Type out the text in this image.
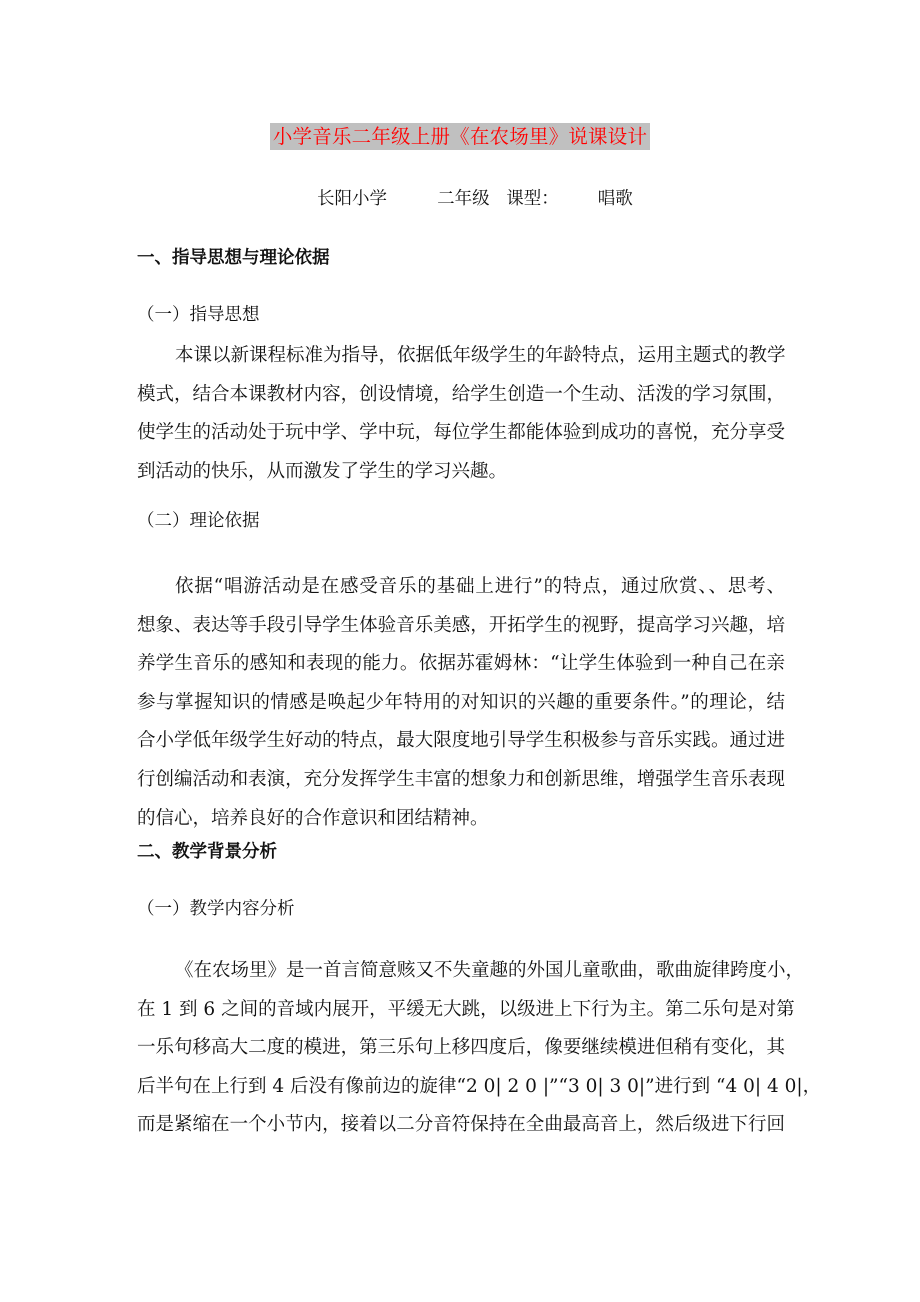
小学音乐二年级上册《在农场里》说课设计
长阳小学	二年级 课型： 唱歌
一、指导思想与理论依据
（一）指导思想
本课以新课程标准为指导，依据低年级学生的年龄特点，运用主题式的教学
模式，结合本课教材内容，创设情境，给学生创造一个生动、活泼的学习氛围，
使学生的活动处于玩中学、学中玩，每位学生都能体验到成功的喜悦，充分享受
到活动的快乐，从而激发了学生的学习兴趣。
（二）理论依据
依据“唱游活动是在感受音乐的基础上进行”的特点，通过欣赏、、思考、
想象、表达等手段引导学生体验音乐美感，开拓学生的视野，提高学习兴趣，培
养学生音乐的感知和表现的能力。依据苏霍姆林：“让学生体验到一种自己在亲
参与掌握知识的情感是唤起少年特用的对知识的兴趣的重要条件。”的理论，结
合小学低年级学生好动的特点，最大限度地引导学生积极参与音乐实践。通过进
行创编活动和表演，充分发挥学生丰富的想象力和创新思维，增强学生音乐表现
的信心，培养良好的合作意识和团结精神。
二、教学背景分析
（一）教学内容分析
《在农场里》是一首言简意赅又不失童趣的外国儿童歌曲，歌曲旋律跨度小，
在 1 到 6 之间的音域内展开，平缓无大跳，以级进上下行为主。第二乐句是对第
一乐句移高大二度的模进，第三乐句上移四度后，像要继续模进但稍有变化，其
后半句在上行到 4 后没有像前边的旋律“2 0| 2 0 |”“3 0| 3 0|”进行到 “4 0| 4 0|，
而是紧缩在一个小节内，接着以二分音符保持在全曲最高音上，然后级进下行回
